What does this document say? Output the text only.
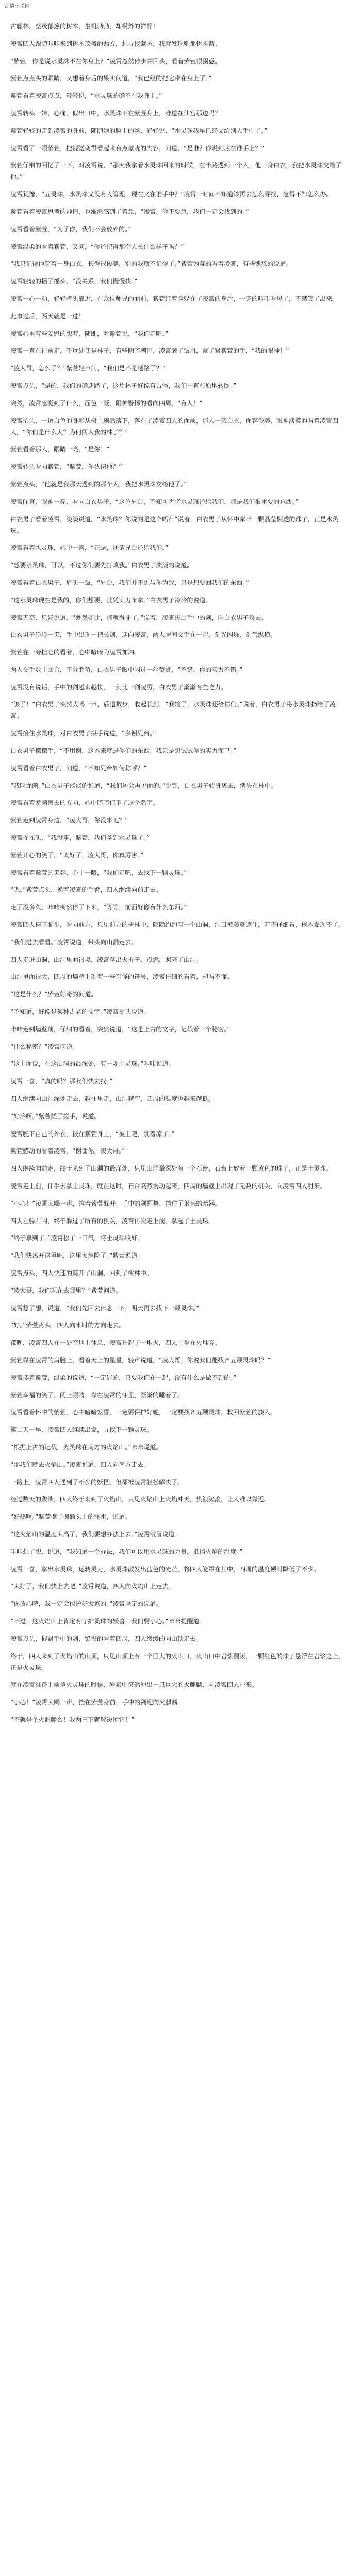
言情小说网

古藤林，整茂郁葱的树木，生机勃勃，却极外的祥静！

凌霄四人跟随咔咔来到树木茂盛的西方，想寻找藏匿，我就发现则那树木蓄。

“紫萱，你是说水灵珠不在你身上？”凌霄忽然停步并回头，看着紫萱很困惑。

紫萱点点头的眼睛，又想着身后的果实问道，“我已经的把它带在身上了。”

紫萱看着凌霄点点，轻轻说，“水灵珠的确不在我身上。”

凌霄转头一转，心痛，似出口中，水灵珠不在紫萱身上，难道在仙宫那边吗？

紫萱轻轻的走到凌霄的身前，随随她的脸上的丝，轻轻说，“水灵珠我早已经交给别人手中了。”

凌霄看了一眼紫萱，把视觉变得看起来有点蒙眬的内容，问道，“是谁？你说到底在谁手上？”

紫萱仔细的回忆了一下，对凌霄说，“那天我拿着水灵珠回来的时候，在半路遇到一个人，他一身白衣，我把水灵珠交给了他。”

凌霄犹豫，“五灵珠，水灵珠又没有人管理，现在又在谁手中？”凌霄一时间不知道该再去怎么寻找，急得不知怎么办。

紫萱看着凌霄思考的神情，也渐渐感到了着急，“凌霄，你不要急，我们一定会找到的。”

凌霄看着紫萱，“为了你，我们不会放弃的。”

凌霄温柔的看着紫萱，又问，“你还记得那个人长什么样子吗？”

“我只记得他穿着一身白衣，长得很俊美，别的我就不记得了。”紫萱为难的看着凌霄，有些愧疚的说道。

凌霄轻轻的摇了摇头，“没关系，我们慢慢找。”

凌霄一心一动，轻轻将头靠近，在众位师兄的面前，紫萱红着脸躲在了凌霄的身后，一旁的咔咔看见了，不禁笑了出来。

此事过后，两天就是一过！

凌霄心里有些安慰的想着，随即，对紫萱说，“我们走吧。”

凌霄一直在往前走，不远处便是林子，有些阴暗潮湿，凌霄皱了皱眉，紧了紧紫萱的手，“我的眼神！”

“凌大哥，怎么了？”紫萱轻声问，“我们是不是迷路了？”

凌霄点头，“是的，我们的确迷路了，这片林子好像有古怪，我们一直在原地转圈。”

突然，凌霄感觉到了什么，面色一凝，眼神警惕的看向四周，“有人！”

凌霄抬头，一道白色的身影从树上飘然落下，落在了凌霄四人的面前，那人一袭白衣，面容俊美，眼神淡漠的看着凌霄四人，“你们是什么人？为何闯入我的林子？”

紫萱看着那人，眼睛一亮，“是你！”

凌霄转头看向紫萱，“紫萱，你认识他？”

紫萱点头，“他就是我那天遇到的那个人，我把水灵珠交给他了。”

凌霄闻言，眼神一亮，看向白衣男子，“这位兄台，不知可否将水灵珠还给我们，那是我们很重要的东西。”

白衣男子看着凌霄，淡淡说道，“水灵珠？你说的是这个吗？”说着，白衣男子从怀中拿出一颗晶莹剔透的珠子，正是水灵珠。

凌霄看着水灵珠，心中一喜，“正是，还请兄台还给我们。”

“想要水灵珠，可以，不过你们要先打败我。”白衣男子淡淡的说道。

凌霄看着白衣男子，眉头一皱，“兄台，我们并不想与你为敌，只是想要回我们的东西。”

“这水灵珠现在是我的，你们想要，就凭实力来拿。”白衣男子冷冷的说道。

凌霄无奈，只好说道，“既然如此，那就得罪了。”说着，凌霄拔出手中的剑，向白衣男子攻去。

白衣男子冷冷一笑，手中出现一把长剑，迎向凌霄，两人瞬间交手在一起，剑光闪烁，剑气纵横。

紫萱在一旁担心的看着，心中暗暗为凌霄加油。

两人交手数十回合，不分胜负，白衣男子眼中闪过一丝赞赏，“不错，你的实力不错。”

凌霄没有说话，手中的剑越来越快，一剑比一剑凌厉，白衣男子渐渐有些吃力。

“够了！”白衣男子突然大喝一声，后退数步，收起长剑，“我输了，水灵珠还给你们。”说着，白衣男子将水灵珠扔给了凌霄。

凌霄接住水灵珠，对白衣男子拱手说道，“多谢兄台。”

白衣男子摆摆手，“不用谢，这本来就是你们的东西，我只是想试试你的实力而已。”

凌霄看着白衣男子，问道，“不知兄台如何称呼？”

“我叫龙幽。”白衣男子淡淡的说道，“我们还会再见面的。”说完，白衣男子转身离去，消失在林中。

凌霄看着龙幽离去的方向，心中暗暗记下了这个名字。

紫萱走到凌霄身边，“凌大哥，你没事吧？”

凌霄摇摇头，“我没事，紫萱，我们拿到水灵珠了。”

紫萱开心的笑了，“太好了，凌大哥，你真厉害。”

凌霄看着紫萱的笑容，心中一暖，“我们走吧，去找下一颗灵珠。”

“嗯。”紫萱点头，挽着凌霄的手臂，四人继续向前走去。

走了没多久，咔咔突然停了下来，“等等，前面好像有什么东西。”

凌霄四人停下脚步，看向前方，只见前方的树林中，隐隐约约有一个山洞，洞口被藤蔓遮住，若不仔细看，根本发现不了。

“我们进去看看。”凌霄说道，带头向山洞走去。

四人走进山洞，山洞里面很黑，凌霄拿出火折子，点燃，照亮了山洞。

山洞里面很大，四周的墙壁上刻着一些奇怪的符号，凌霄仔细的看着，却看不懂。

“这是什么？”紫萱好奇的问道。

“不知道，好像是某种古老的文字。”凌霄摇头说道。

咔咔走到墙壁前，仔细的看着，突然说道，“这是上古的文字，记载着一个秘密。”

“什么秘密？”凌霄问道。

“这上面说，在这山洞的最深处，有一颗土灵珠。”咔咔说道。

凌霄一喜，“真的吗？那我们快去找。”

四人继续向山洞深处走去，越往里走，山洞越窄，四周的温度也越来越低。

“好冷啊。”紫萱搓了搓手，说道。

凌霄脱下自己的外衣，披在紫萱身上，“披上吧，别着凉了。”

紫萱感动的看着凌霄，“谢谢你，凌大哥。”

四人继续向前走，终于来到了山洞的最深处，只见山洞最深处有一个石台，石台上放着一颗黄色的珠子，正是土灵珠。

凌霄走上前，伸手去拿土灵珠，就在这时，石台突然震动起来，四周的墙壁上出现了无数的机关，向凌霄四人射来。

“小心！”凌霄大喝一声，拉着紫萱躲开，手中的剑挥舞，挡住了射来的暗器。

四人左躲右闪，终于躲过了所有的机关，凌霄再次走上前，拿起了土灵珠。

“终于拿到了。”凌霄松了一口气，将土灵珠收好。

“我们快离开这里吧，这里太危险了。”紫萱说道。

凌霄点头，四人快速的离开了山洞，回到了树林中。

“凌大哥，我们现在去哪里？”紫萱问道。

凌霄想了想，说道，“我们先回去休息一下，明天再去找下一颗灵珠。”

“好。”紫萱点头，四人向来时的方向走去。

夜晚，凌霄四人在一处空地上休息，凌霄升起了一堆火，四人围坐在火堆旁。

紫萱靠在凌霄的肩膀上，看着天上的星星，轻声说道，“凌大哥，你说我们能找齐五颗灵珠吗？”

凌霄搂着紫萱，温柔的说道，“一定能的，只要我们在一起，没有什么是做不到的。”

紫萱幸福的笑了，闭上眼睛，靠在凌霄的怀里，渐渐的睡着了。

凌霄看着怀中的紫萱，心中暗暗发誓，一定要保护好她，一定要找齐五颗灵珠，救回紫萱的族人。

第二天一早，凌霄四人继续出发，寻找下一颗灵珠。

“根据上古的记载，火灵珠在南方的火焰山。”咔咔说道。

“那我们就去火焰山。”凌霄说道，四人向南方走去。

一路上，凌霄四人遇到了不少的妖怪，但都被凌霄轻松解决了。

经过数天的跋涉，四人终于来到了火焰山，只见火焰山上火焰冲天，热浪滚滚，让人难以靠近。

“好热啊。”紫萱擦了擦额头上的汗水，说道。

“这火焰山的温度太高了，我们要想办法上去。”凌霄皱眉说道。

咔咔想了想，说道，“我知道一个办法，我们可以用水灵珠的力量，抵挡火焰的温度。”

凌霄一喜，拿出水灵珠，运转灵力，水灵珠散发出蓝色的光芒，将四人笼罩在其中，四周的温度顿时降低了不少。

“太好了，我们快上去吧。”凌霄说道，四人向火焰山上走去。

“你放心吧，我一定会保护好大家的。”凌霄坚定的说道。

“不过，这火焰山上肯定有守护灵珠的妖兽，我们要小心。”咔咔提醒道。

凌霄点头，握紧手中的剑，警惕的看着四周，四人缓缓的向山顶走去。

终于，四人来到了火焰山的山顶，只见山顶上有一个巨大的火山口，火山口中岩浆翻滚，一颗红色的珠子悬浮在岩浆之上，正是火灵珠。

就在凌霄准备上前拿火灵珠的时候，岩浆中突然冲出一只巨大的火麒麟，向凌霄四人扑来。

“小心！”凌霄大喝一声，挡在紫萱身前，手中的剑迎向火麒麟。

“不就是个火麒麟么！我两三下就解决掉它！”
